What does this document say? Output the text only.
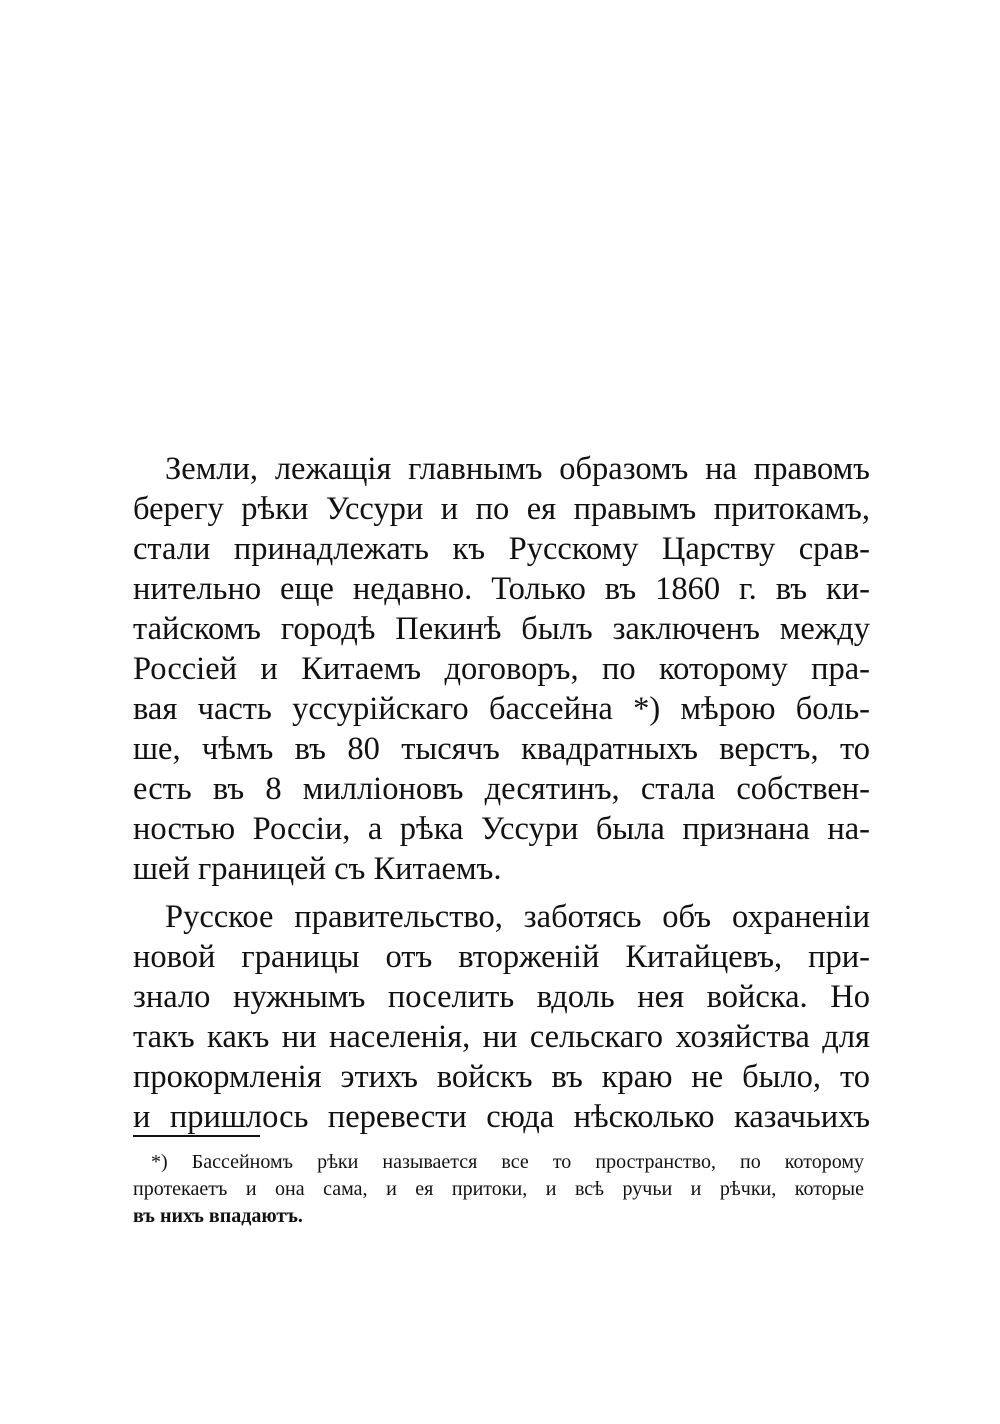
Земли, лежащія главнымъ образомъ на правомъ
берегу рѣки Уссури и по ея правымъ притокамъ,
стали принадлежать къ Русскому Царству срав-
нительно еще недавно. Только въ 1860 г. въ ки-
тайскомъ городѣ Пекинѣ былъ заключенъ между
Россіей и Китаемъ договоръ, по которому пра-
вая часть уссурійскаго бассейна *) мѣрою боль-
ше, чѣмъ въ 80 тысячъ квадратныхъ верстъ, то
есть въ 8 милліоновъ десятинъ, стала собствен-
ностью Россіи, а рѣка Уссури была признана на-
шей границей съ Китаемъ.

Русское правительство, заботясь объ охраненіи
новой границы отъ вторженій Китайцевъ, при-
знало нужнымъ поселить вдоль нея войска. Но
такъ какъ ни населенія, ни сельскаго хозяйства для
прокормленія этихъ войскъ въ краю не было, то
и пришлось перевести сюда нѣсколько казачьихъ

*) Бассейномъ рѣки называется все то пространство, по которому
протекаетъ и она сама, и ея притоки, и всѣ ручьи и рѣчки, которые
въ нихъ впадаютъ.
